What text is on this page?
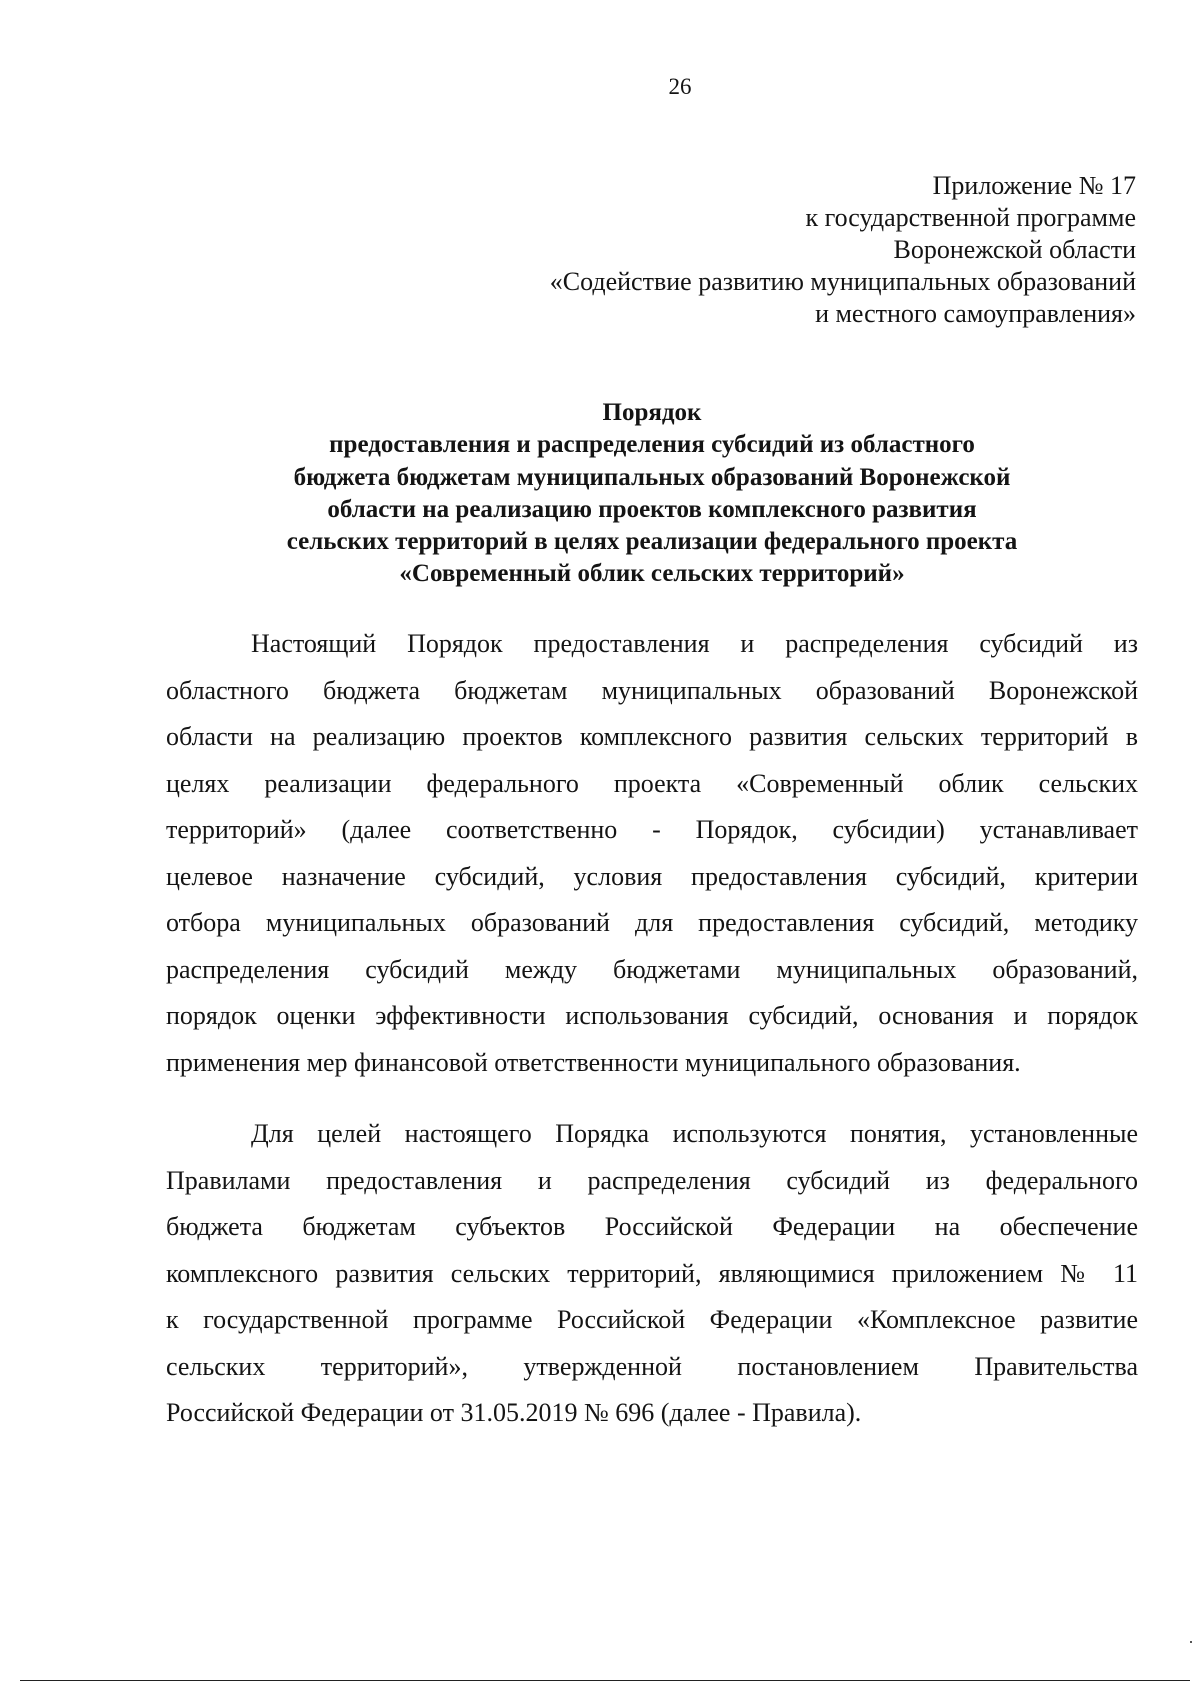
26
Приложение № 17
к государственной программе
Воронежской области
«Содействие развитию муниципальных образований
и местного самоуправления»
Порядок
предоставления и распределения субсидий из областного
бюджета бюджетам муниципальных образований Воронежской
области на реализацию проектов комплексного развития
сельских территорий в целях реализации федерального проекта
«Современный облик сельских территорий»
Настоящий Порядок предоставления и распределения субсидий из
областного бюджета бюджетам муниципальных образований Воронежской
области на реализацию проектов комплексного развития сельских территорий в
целях реализации федерального проекта «Современный облик сельских
территорий» (далее соответственно - Порядок, субсидии) устанавливает
целевое назначение субсидий, условия предоставления субсидий, критерии
отбора муниципальных образований для предоставления субсидий, методику
распределения субсидий между бюджетами муниципальных образований,
порядок оценки эффективности использования субсидий, основания и порядок
применения мер финансовой ответственности муниципального образования.
Для целей настоящего Порядка используются понятия, установленные
Правилами предоставления и распределения субсидий из федерального
бюджета бюджетам субъектов Российской Федерации на обеспечение
комплексного развития сельских территорий, являющимися приложением № 11
к государственной программе Российской Федерации «Комплексное развитие
сельских территорий», утвержденной постановлением Правительства
Российской Федерации от 31.05.2019 № 696 (далее - Правила).
